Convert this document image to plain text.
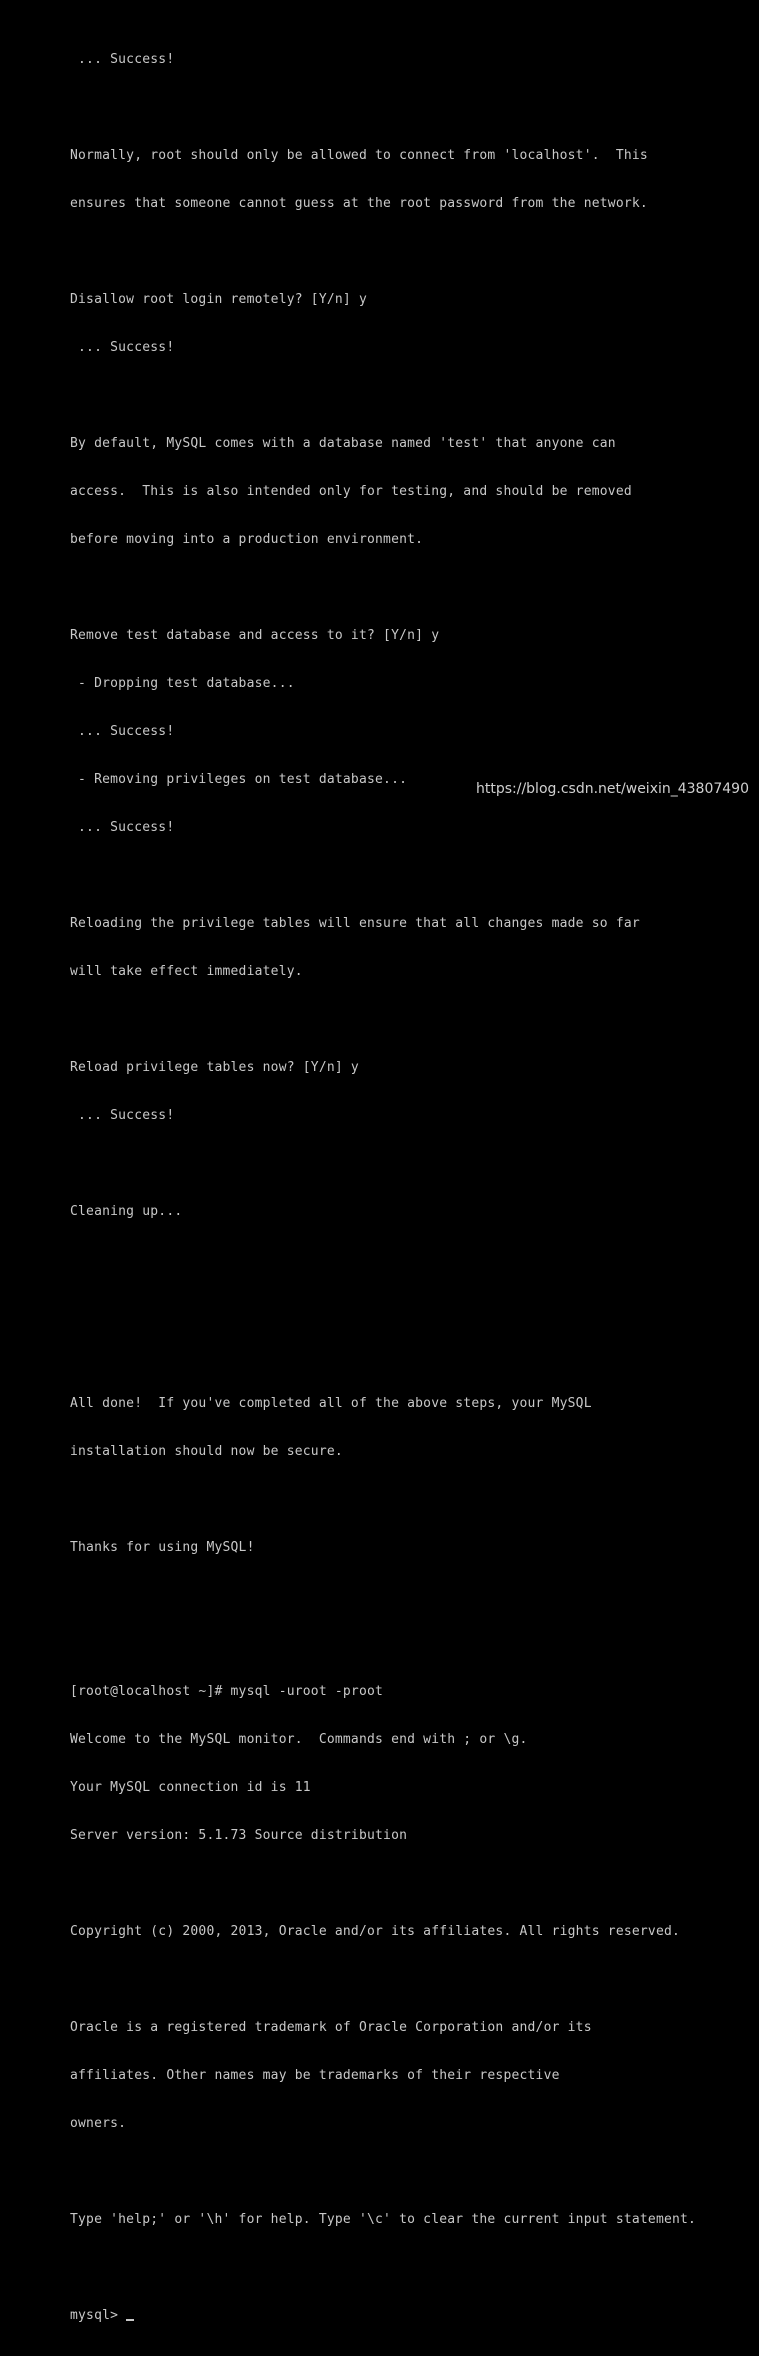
... Success!

Normally, root should only be allowed to connect from 'localhost'.  This

ensures that someone cannot guess at the root password from the network.

Disallow root login remotely? [Y/n] y

... Success!

By default, MySQL comes with a database named 'test' that anyone can

access.  This is also intended only for testing, and should be removed

before moving into a production environment.

Remove test database and access to it? [Y/n] y

- Dropping test database...

... Success!

- Removing privileges on test database...

... Success!

Reloading the privilege tables will ensure that all changes made so far

will take effect immediately.

Reload privilege tables now? [Y/n] y

... Success!

Cleaning up...

All done!  If you've completed all of the above steps, your MySQL

installation should now be secure.

Thanks for using MySQL!

[root@localhost ~]# mysql -uroot -proot

Welcome to the MySQL monitor.  Commands end with ; or \g.

Your MySQL connection id is 11

Server version: 5.1.73 Source distribution

Copyright (c) 2000, 2013, Oracle and/or its affiliates. All rights reserved.

Oracle is a registered trademark of Oracle Corporation and/or its

affiliates. Other names may be trademarks of their respective

owners.

Type 'help;' or '\h' for help. Type '\c' to clear the current input statement.

mysql>

https://blog.csdn.net/weixin_43807490
